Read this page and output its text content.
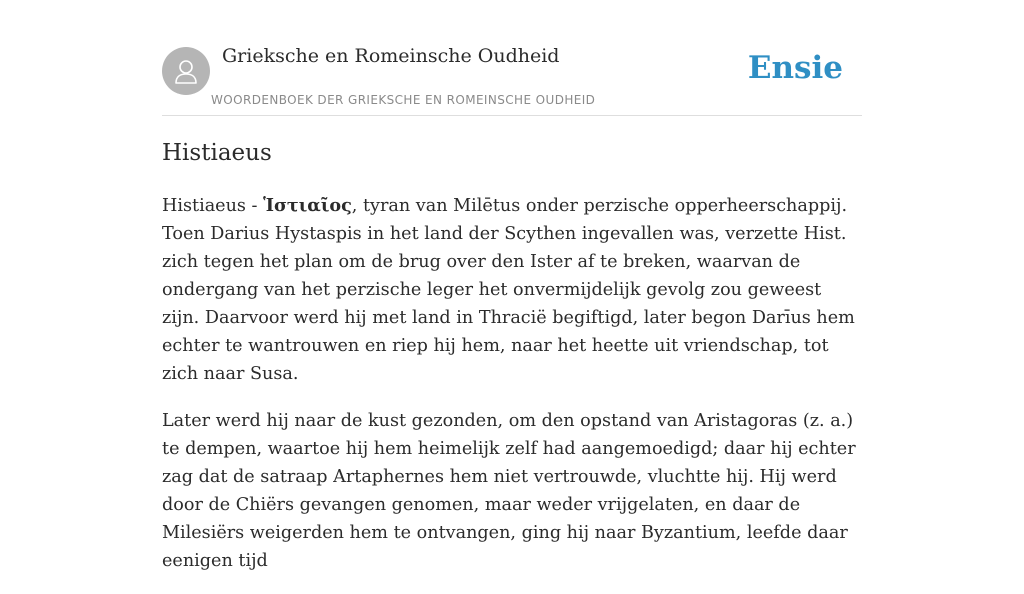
Grieksche en Romeinsche Oudheid
WOORDENBOEK DER GRIEKSCHE EN ROMEINSCHE OUDHEID
Ensie
Histiaeus

Histiaeus - Ἱστιαῖος, tyran van Milētus onder perzische opperheerschappij. Toen Darius Hystaspis in het land der Scythen ingevallen was, verzette Hist. zich tegen het plan om de brug over den Ister af te breken, waarvan de ondergang van het perzische leger het onvermijdelijk gevolg zou geweest zijn. Daarvoor werd hij met land in Thracië begiftigd, later begon Darīus hem echter te wantrouwen en riep hij hem, naar het heette uit vriendschap, tot zich naar Susa.

Later werd hij naar de kust gezonden, om den opstand van Aristagoras (z. a.) te dempen, waartoe hij hem heimelijk zelf had aangemoedigd; daar hij echter zag dat de satraap Artaphernes hem niet vertrouwde, vluchtte hij. Hij werd door de Chiërs gevangen genomen, maar weder vrijgelaten, en daar de Milesiërs weigerden hem te ontvangen, ging hij naar Byzantium, leefde daar eenigen tijd
